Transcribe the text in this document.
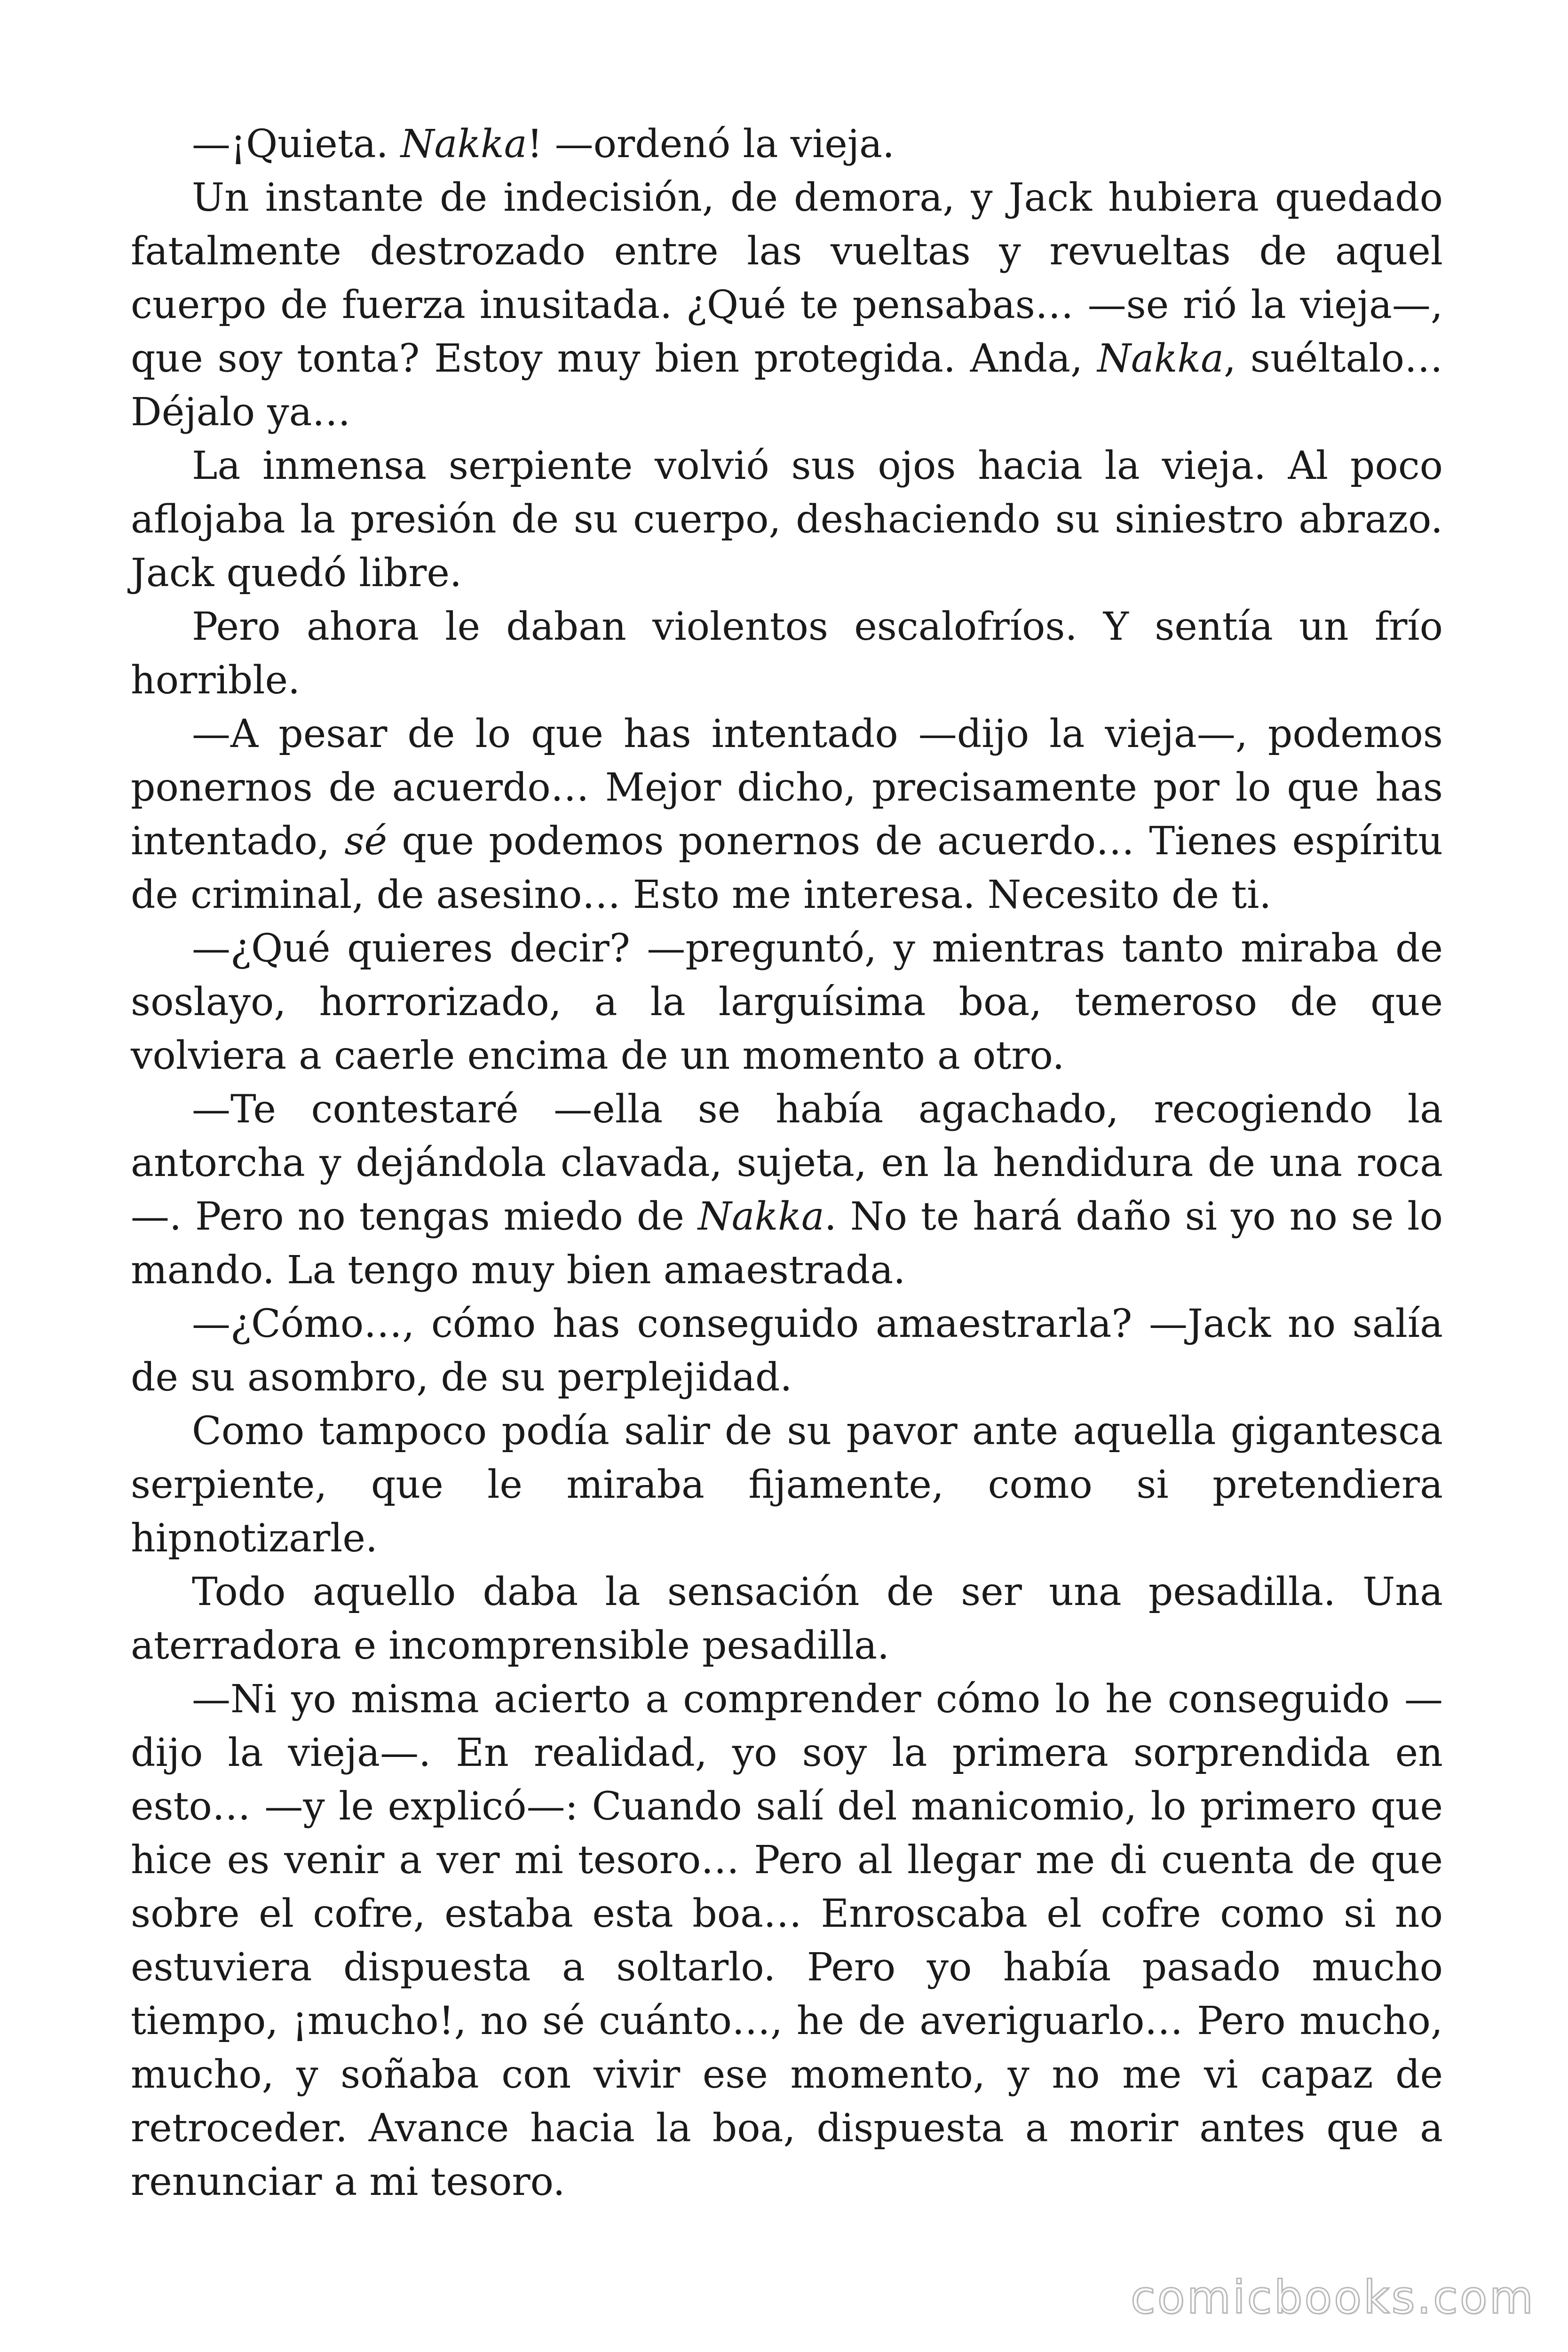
—¡Quieta. Nakka! —ordenó la vieja.

Un instante de indecisión, de demora, y Jack hubiera quedado fatalmente destrozado entre las vueltas y revueltas de aquel cuerpo de fuerza inusitada. ¿Qué te pensabas… —se rió la vieja—, que soy tonta? Estoy muy bien protegida. Anda, Nakka, suéltalo… Déjalo ya…

La inmensa serpiente volvió sus ojos hacia la vieja. Al poco aflojaba la presión de su cuerpo, deshaciendo su siniestro abrazo. Jack quedó libre.

Pero ahora le daban violentos escalofríos. Y sentía un frío horrible.

—A pesar de lo que has intentado —dijo la vieja—, podemos ponernos de acuerdo… Mejor dicho, precisamente por lo que has intentado, sé que podemos ponernos de acuerdo… Tienes espíritu de criminal, de asesino… Esto me interesa. Necesito de ti.

—¿Qué quieres decir? —preguntó, y mientras tanto miraba de soslayo, horrorizado, a la larguísima boa, temeroso de que volviera a caerle encima de un momento a otro.

—Te contestaré —ella se había agachado, recogiendo la antorcha y dejándola clavada, sujeta, en la hendidura de una roca —. Pero no tengas miedo de Nakka. No te hará daño si yo no se lo mando. La tengo muy bien amaestrada.

—¿Cómo…, cómo has conseguido amaestrarla? —Jack no salía de su asombro, de su perplejidad.

Como tampoco podía salir de su pavor ante aquella gigantesca serpiente, que le miraba fijamente, como si pretendiera hipnotizarle.

Todo aquello daba la sensación de ser una pesadilla. Una aterradora e incomprensible pesadilla.

—Ni yo misma acierto a comprender cómo lo he conseguido —dijo la vieja—. En realidad, yo soy la primera sorprendida en esto… —y le explicó—: Cuando salí del manicomio, lo primero que hice es venir a ver mi tesoro… Pero al llegar me di cuenta de que sobre el cofre, estaba esta boa… Enroscaba el cofre como si no estuviera dispuesta a soltarlo. Pero yo había pasado mucho tiempo, ¡mucho!, no sé cuánto…, he de averiguarlo… Pero mucho, mucho, y soñaba con vivir ese momento, y no me vi capaz de retroceder. Avance hacia la boa, dispuesta a morir antes que a renunciar a mi tesoro.

comicbooks.com
